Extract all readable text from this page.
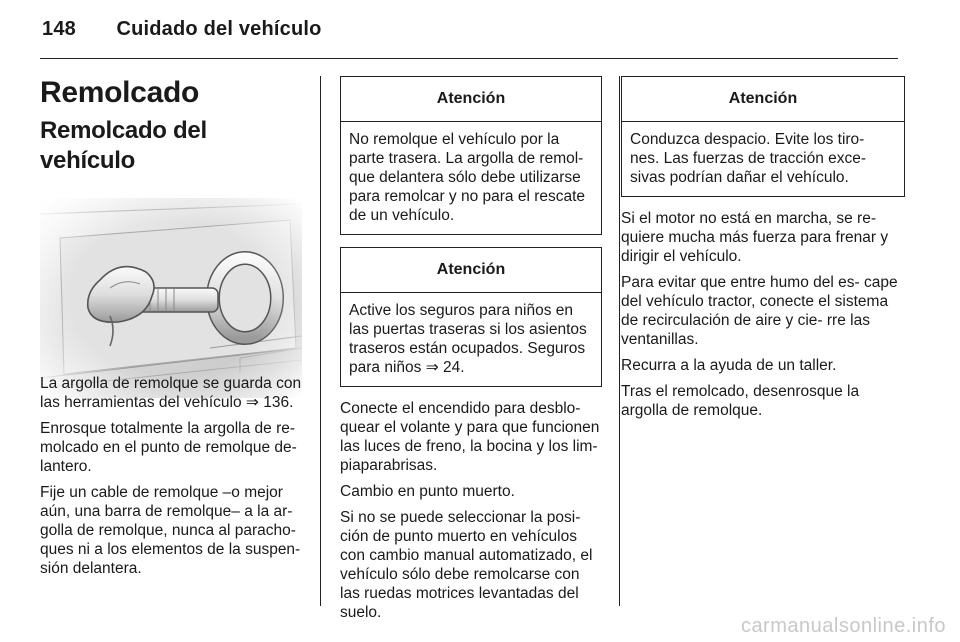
148 Cuidado del vehículo
Remolcado
Remolcado del vehículo

La argolla de remolque se guarda con las herramientas del vehículo ⇒ 136.

Enrosque totalmente la argolla de re- molcado en el punto de remolque de- lantero.

Fije un cable de remolque –o mejor aún, una barra de remolque– a la ar- golla de remolque, nunca al paracho- ques ni a los elementos de la suspen- sión delantera.

Atención
No remolque el vehículo por la parte trasera. La argolla de remol- que delantera sólo debe utilizarse para remolcar y no para el rescate de un vehículo.
Atención
Active los seguros para niños en las puertas traseras si los asientos traseros están ocupados. Seguros para niños ⇒ 24.

Conecte el encendido para desblo- quear el volante y para que funcionen las luces de freno, la bocina y los lim- piaparabrisas.

Cambio en punto muerto.

Si no se puede seleccionar la posi- ción de punto muerto en vehículos con cambio manual automatizado, el vehículo sólo debe remolcarse con las ruedas motrices levantadas del suelo.

Atención
Conduzca despacio. Evite los tiro- nes. Las fuerzas de tracción exce- sivas podrían dañar el vehículo.

Si el motor no está en marcha, se re- quiere mucha más fuerza para frenar y dirigir el vehículo.

Para evitar que entre humo del es- cape del vehículo tractor, conecte el sistema de recirculación de aire y cie- rre las ventanillas.

Recurra a la ayuda de un taller.

Tras el remolcado, desenrosque la argolla de remolque.

carmanualsonline.info
